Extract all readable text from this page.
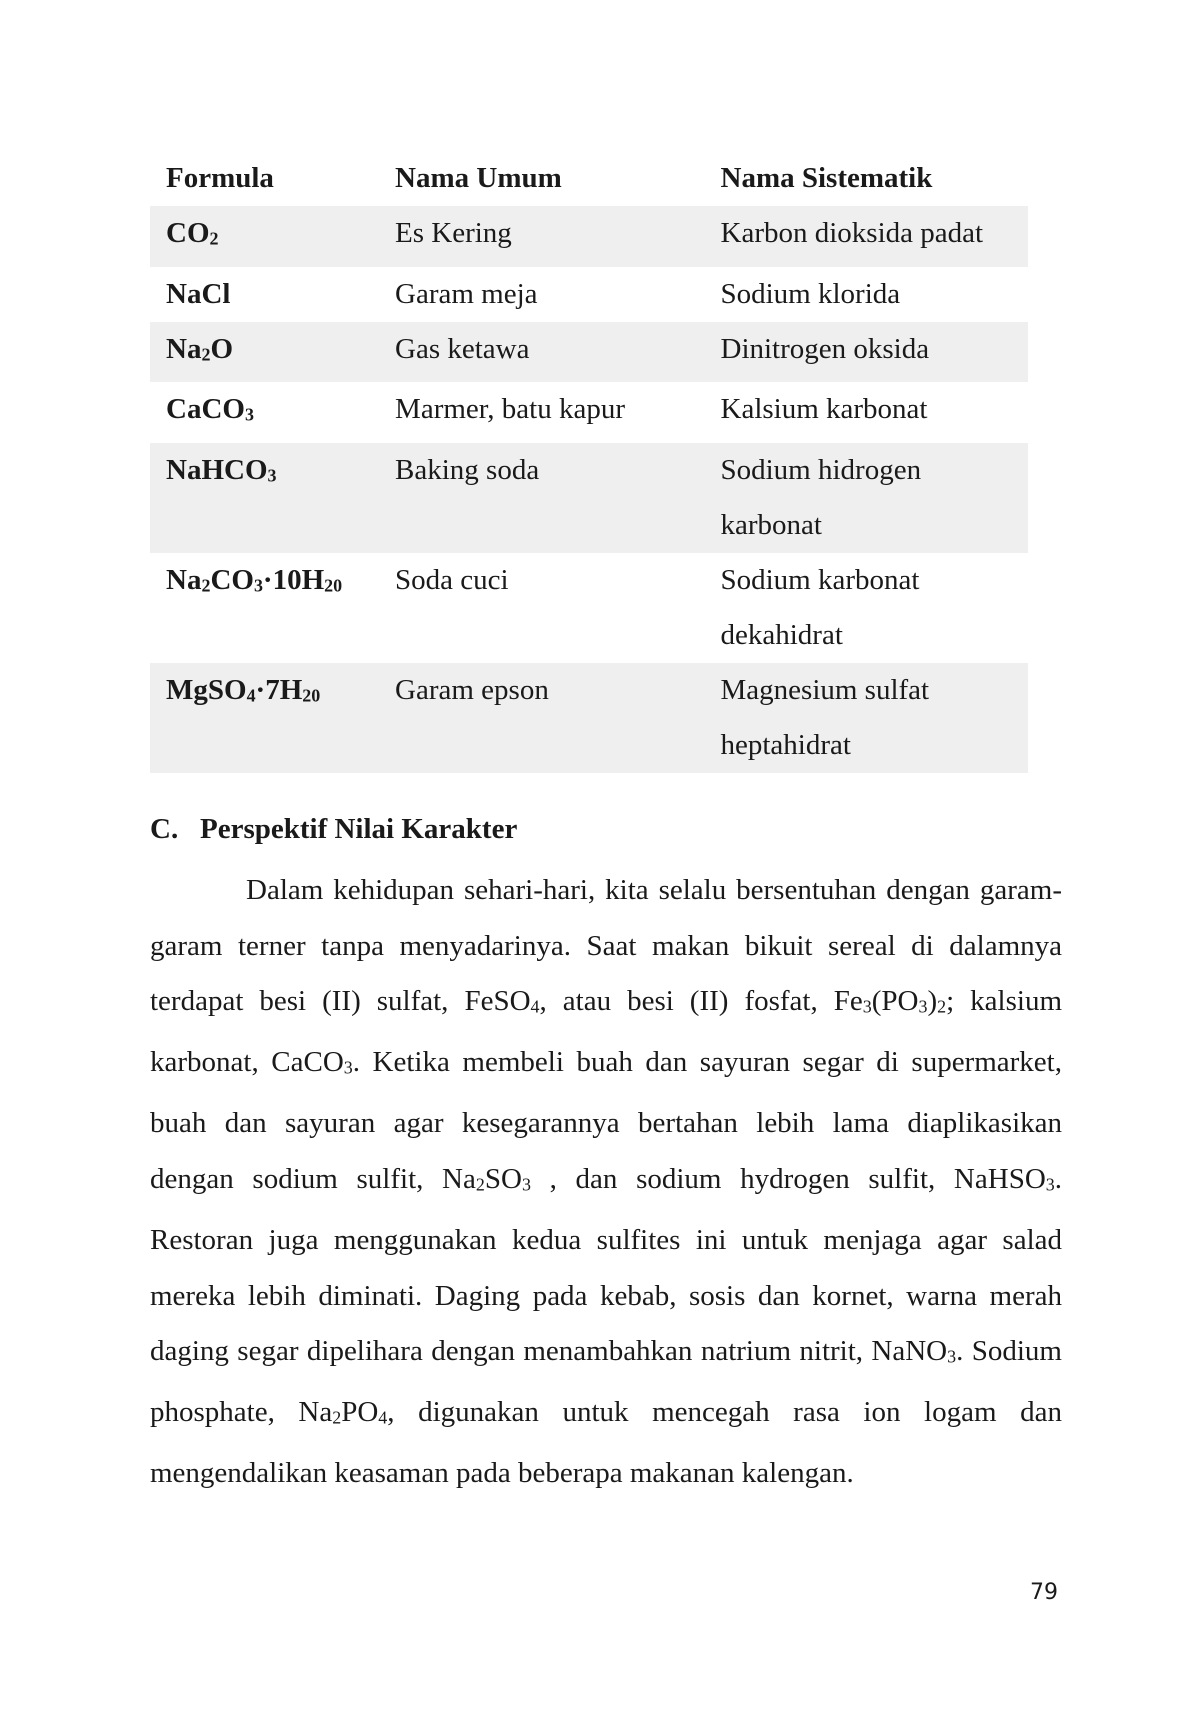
Formula	Nama Umum	Nama Sistematik
$CO_2$	Es Kering	Karbon dioksida padat
NaCl	Garam meja	Sodium klorida
$Na_2O$	Gas ketawa	Dinitrogen oksida
CaCO$_3$	Marmer, batu kapur	Kalsium karbonat
NaHCO$_3$	Baking soda	Sodium hidrogen karbonat
$Na_2CO_3\cdot 10H_{20}$	Soda cuci	Sodium karbonat dekahidrat
$MgSO_4\cdot 7H_{20}$	Garam epson	Magnesium sulfat heptahidrat
C. Perspektif Nilai Karakter

Dalam kehidupan sehari-hari, kita selalu bersentuhan dengan garam-garam terner tanpa menyadarinya. Saat makan bikuit sereal di dalamnya terdapat besi (II) sulfat, FeSO$_4$, atau besi (II) fosfat, $Fe_3(PO_3)_2$; kalsium karbonat, CaCO$_3$. Ketika membeli buah dan sayuran segar di supermarket, buah dan sayuran agar kesegarannya bertahan lebih lama diaplikasikan dengan sodium sulfit, $Na_2SO_3$ , dan sodium hydrogen sulfit, NaHSO$_3$. Restoran juga menggunakan kedua sulfites ini untuk menjaga agar salad mereka lebih diminati. Daging pada kebab, sosis dan kornet, warna merah daging segar dipelihara dengan menambahkan natrium nitrit, NaNO$_3$. Sodium phosphate, $Na_2PO_4$, digunakan untuk mencegah rasa ion logam dan mengendalikan keasaman pada beberapa makanan kalengan.

79
